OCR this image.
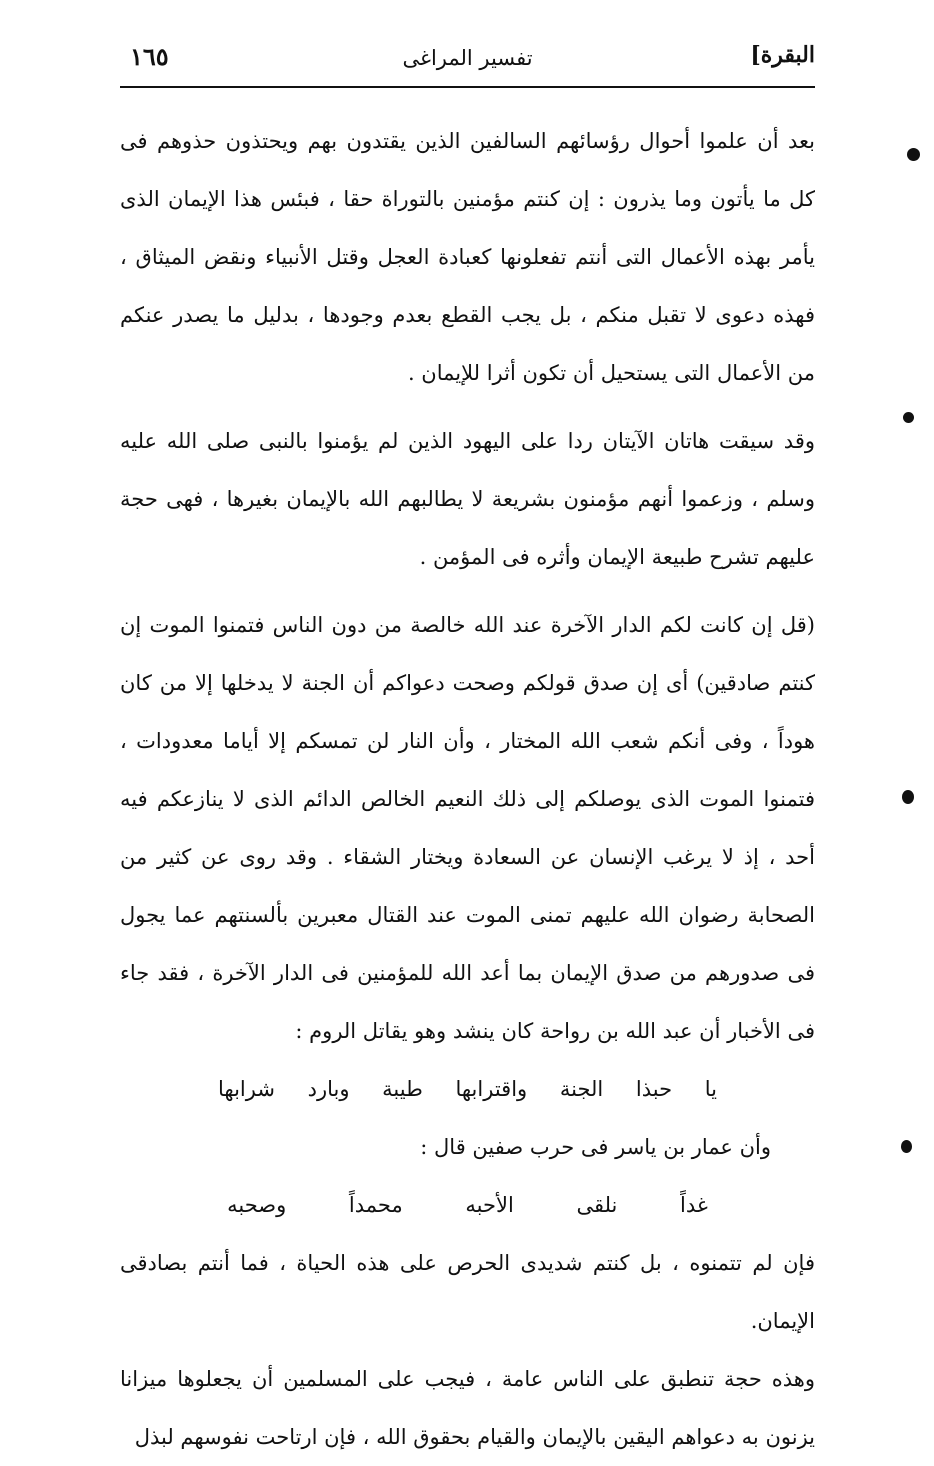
البقرة]
تفسير المراغى
١٦٥

بعد أن علموا أحوال رؤسائهم السالفين الذين يقتدون بهم ويحتذون حذوهم فى كل ما يأتون وما يذرون : إن كنتم مؤمنين بالتوراة حقا ، فبئس هذا الإيمان الذى يأمر بهذه الأعمال التى أنتم تفعلونها كعبادة العجل وقتل الأنبياء ونقض الميثاق ، فهذه دعوى لا تقبل منكم ، بل يجب القطع بعدم وجودها ، بدليل ما يصدر عنكم من الأعمال التى يستحيل أن تكون أثرا للإيمان .

وقد سيقت هاتان الآيتان ردا على اليهود الذين لم يؤمنوا بالنبى صلى الله عليه وسلم ، وزعموا أنهم مؤمنون بشريعة لا يطالبهم الله بالإيمان بغيرها ، فهى حجة عليهم تشرح طبيعة الإيمان وأثره فى المؤمن .

(قل إن كانت لكم الدار الآخرة عند الله خالصة من دون الناس فتمنوا الموت إن كنتم صادقين) أى إن صدق قولكم وصحت دعواكم أن الجنة لا يدخلها إلا من كان هوداً ، وفى أنكم شعب الله المختار ، وأن النار لن تمسكم إلا أياما معدودات ، فتمنوا الموت الذى يوصلكم إلى ذلك النعيم الخالص الدائم الذى لا ينازعكم فيه أحد ، إذ لا يرغب الإنسان عن السعادة ويختار الشقاء . وقد روى عن كثير من الصحابة رضوان الله عليهم تمنى الموت عند القتال معبرين بألسنتهم عما يجول فى صدورهم من صدق الإيمان بما أعد الله للمؤمنين فى الدار الآخرة ، فقد جاء فى الأخبار أن عبد الله بن رواحة كان ينشد وهو يقاتل الروم :

يا حبذا الجنة واقترابها طيبة وبارد شرابها

وأن عمار بن ياسر فى حرب صفين قال :

غداً نلقى الأحبه محمداً وصحبه

فإن لم تتمنوه ، بل كنتم شديدى الحرص على هذه الحياة ، فما أنتم بصادقى الإيمان.

وهذه حجة تنطبق على الناس عامة ، فيجب على المسلمين أن يجعلوها ميزانا يزنون به دعواهم اليقين بالإيمان والقيام بحقوق الله ، فإن ارتاحت نفوسهم لبذل
